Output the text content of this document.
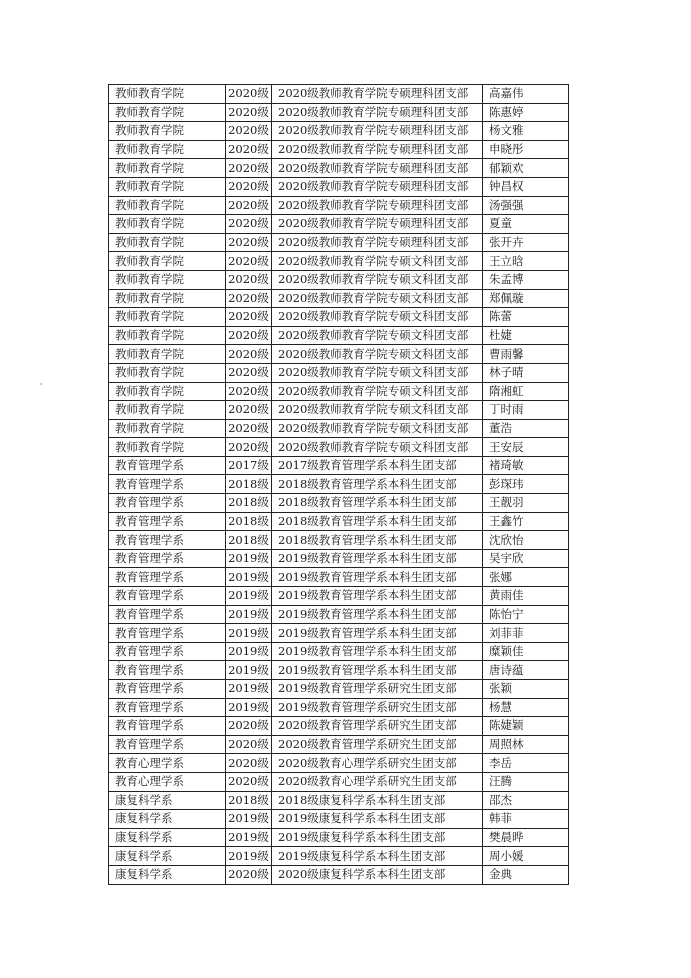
教师教育学院	2020级	2020级教师教育学院专硕理科团支部	高嘉伟
教师教育学院	2020级	2020级教师教育学院专硕理科团支部	陈惠婷
教师教育学院	2020级	2020级教师教育学院专硕理科团支部	杨文雅
教师教育学院	2020级	2020级教师教育学院专硕理科团支部	申晓彤
教师教育学院	2020级	2020级教师教育学院专硕理科团支部	郁颖欢
教师教育学院	2020级	2020级教师教育学院专硕理科团支部	钟昌权
教师教育学院	2020级	2020级教师教育学院专硕理科团支部	汤强强
教师教育学院	2020级	2020级教师教育学院专硕理科团支部	夏童
教师教育学院	2020级	2020级教师教育学院专硕理科团支部	张开卉
教师教育学院	2020级	2020级教师教育学院专硕文科团支部	王立晗
教师教育学院	2020级	2020级教师教育学院专硕文科团支部	朱孟博
教师教育学院	2020级	2020级教师教育学院专硕文科团支部	郑佩璇
教师教育学院	2020级	2020级教师教育学院专硕文科团支部	陈蕾
教师教育学院	2020级	2020级教师教育学院专硕文科团支部	杜婕
教师教育学院	2020级	2020级教师教育学院专硕文科团支部	曹雨馨
教师教育学院	2020级	2020级教师教育学院专硕文科团支部	林子晴
教师教育学院	2020级	2020级教师教育学院专硕文科团支部	隋湘虹
教师教育学院	2020级	2020级教师教育学院专硕文科团支部	丁时雨
教师教育学院	2020级	2020级教师教育学院专硕文科团支部	董浩
教师教育学院	2020级	2020级教师教育学院专硕文科团支部	王安辰
教育管理学系	2017级	2017级教育管理学系本科生团支部	褚琦敏
教育管理学系	2018级	2018级教育管理学系本科生团支部	彭琛玮
教育管理学系	2018级	2018级教育管理学系本科生团支部	王靓羽
教育管理学系	2018级	2018级教育管理学系本科生团支部	王鑫竹
教育管理学系	2018级	2018级教育管理学系本科生团支部	沈欣怡
教育管理学系	2019级	2019级教育管理学系本科生团支部	吴宇欣
教育管理学系	2019级	2019级教育管理学系本科生团支部	张娜
教育管理学系	2019级	2019级教育管理学系本科生团支部	黄雨佳
教育管理学系	2019级	2019级教育管理学系本科生团支部	陈怡宁
教育管理学系	2019级	2019级教育管理学系本科生团支部	刘菲菲
教育管理学系	2019级	2019级教育管理学系本科生团支部	糜颖佳
教育管理学系	2019级	2019级教育管理学系本科生团支部	唐诗蕴
教育管理学系	2019级	2019级教育管理学系研究生团支部	张颖
教育管理学系	2019级	2019级教育管理学系研究生团支部	杨慧
教育管理学系	2020级	2020级教育管理学系研究生团支部	陈婕颖
教育管理学系	2020级	2020级教育管理学系研究生团支部	周照林
教育心理学系	2020级	2020级教育心理学系研究生团支部	李岳
教育心理学系	2020级	2020级教育心理学系研究生团支部	汪腾
康复科学系	2018级	2018级康复科学系本科生团支部	邵杰
康复科学系	2019级	2019级康复科学系本科生团支部	韩菲
康复科学系	2019级	2019级康复科学系本科生团支部	樊晨晔
康复科学系	2019级	2019级康复科学系本科生团支部	周小媛
康复科学系	2020级	2020级康复科学系本科生团支部	金典
